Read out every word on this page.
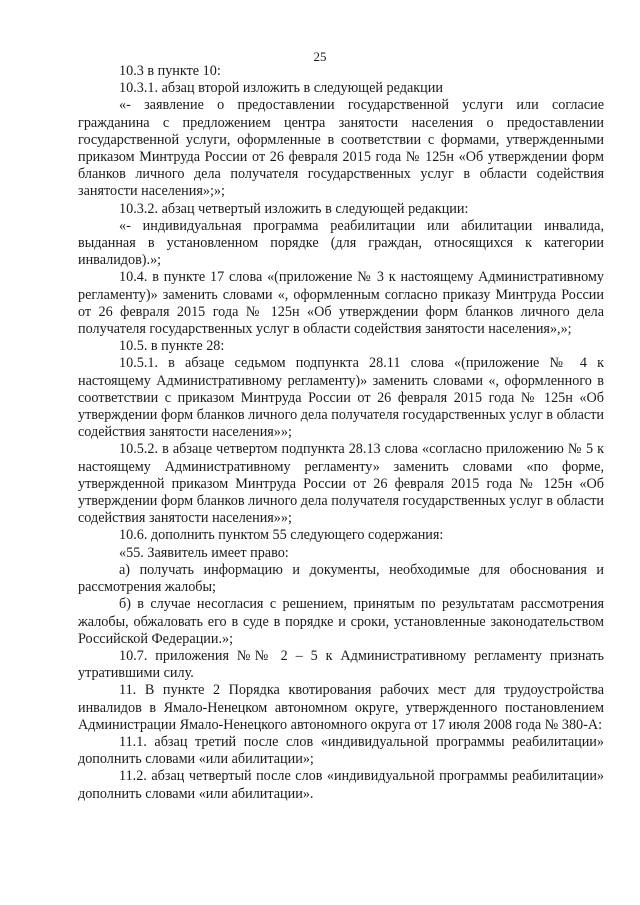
25

10.3 в пункте 10:

10.3.1. абзац второй изложить в следующей редакции

«- заявление о предоставлении государственной услуги или согласие гражданина с предложением центра занятости населения о предоставлении государственной услуги, оформленные в соответствии с формами, утвержденными приказом Минтруда России от 26 февраля 2015 года № 125н «Об утверждении форм бланков личного дела получателя государственных услуг в области содействия занятости населения»;»;

10.3.2. абзац четвертый изложить в следующей редакции:

«- индивидуальная программа реабилитации или абилитации инвалида, выданная в установленном порядке (для граждан, относящихся к категории инвалидов).»;

10.4. в пункте 17 слова «(приложение № 3 к настоящему Административному регламенту)» заменить словами «, оформленным согласно приказу Минтруда России от 26 февраля 2015 года № 125н «Об утверждении форм бланков личного дела получателя государственных услуг в области содействия занятости населения»,»;

10.5. в пункте 28:

10.5.1. в абзаце седьмом подпункта 28.11 слова «(приложение № 4 к настоящему Административному регламенту)» заменить словами «, оформленного в соответствии с приказом Минтруда России от 26 февраля 2015 года № 125н «Об утверждении форм бланков личного дела получателя государственных услуг в области содействия занятости населения»»;

10.5.2. в абзаце четвертом подпункта 28.13 слова «согласно приложению № 5 к настоящему Административному регламенту» заменить словами «по форме, утвержденной приказом Минтруда России от 26 февраля 2015 года № 125н «Об утверждении форм бланков личного дела получателя государственных услуг в области содействия занятости населения»»;

10.6. дополнить пунктом 55 следующего содержания:

«55. Заявитель имеет право:

а) получать информацию и документы, необходимые для обоснования и рассмотрения жалобы;

б) в случае несогласия с решением, принятым по результатам рассмотрения жалобы, обжаловать его в суде в порядке и сроки, установленные законодательством Российской Федерации.»;

10.7. приложения №№ 2 – 5 к Административному регламенту признать утратившими силу.

11. В пункте 2 Порядка квотирования рабочих мест для трудоустройства инвалидов в Ямало-Ненецком автономном округе, утвержденного постановлением Администрации Ямало-Ненецкого автономного округа от 17 июля 2008 года № 380-А:

11.1. абзац третий после слов «индивидуальной программы реабилитации» дополнить словами «или абилитации»;

11.2. абзац четвертый после слов «индивидуальной программы реабилитации» дополнить словами «или абилитации».
